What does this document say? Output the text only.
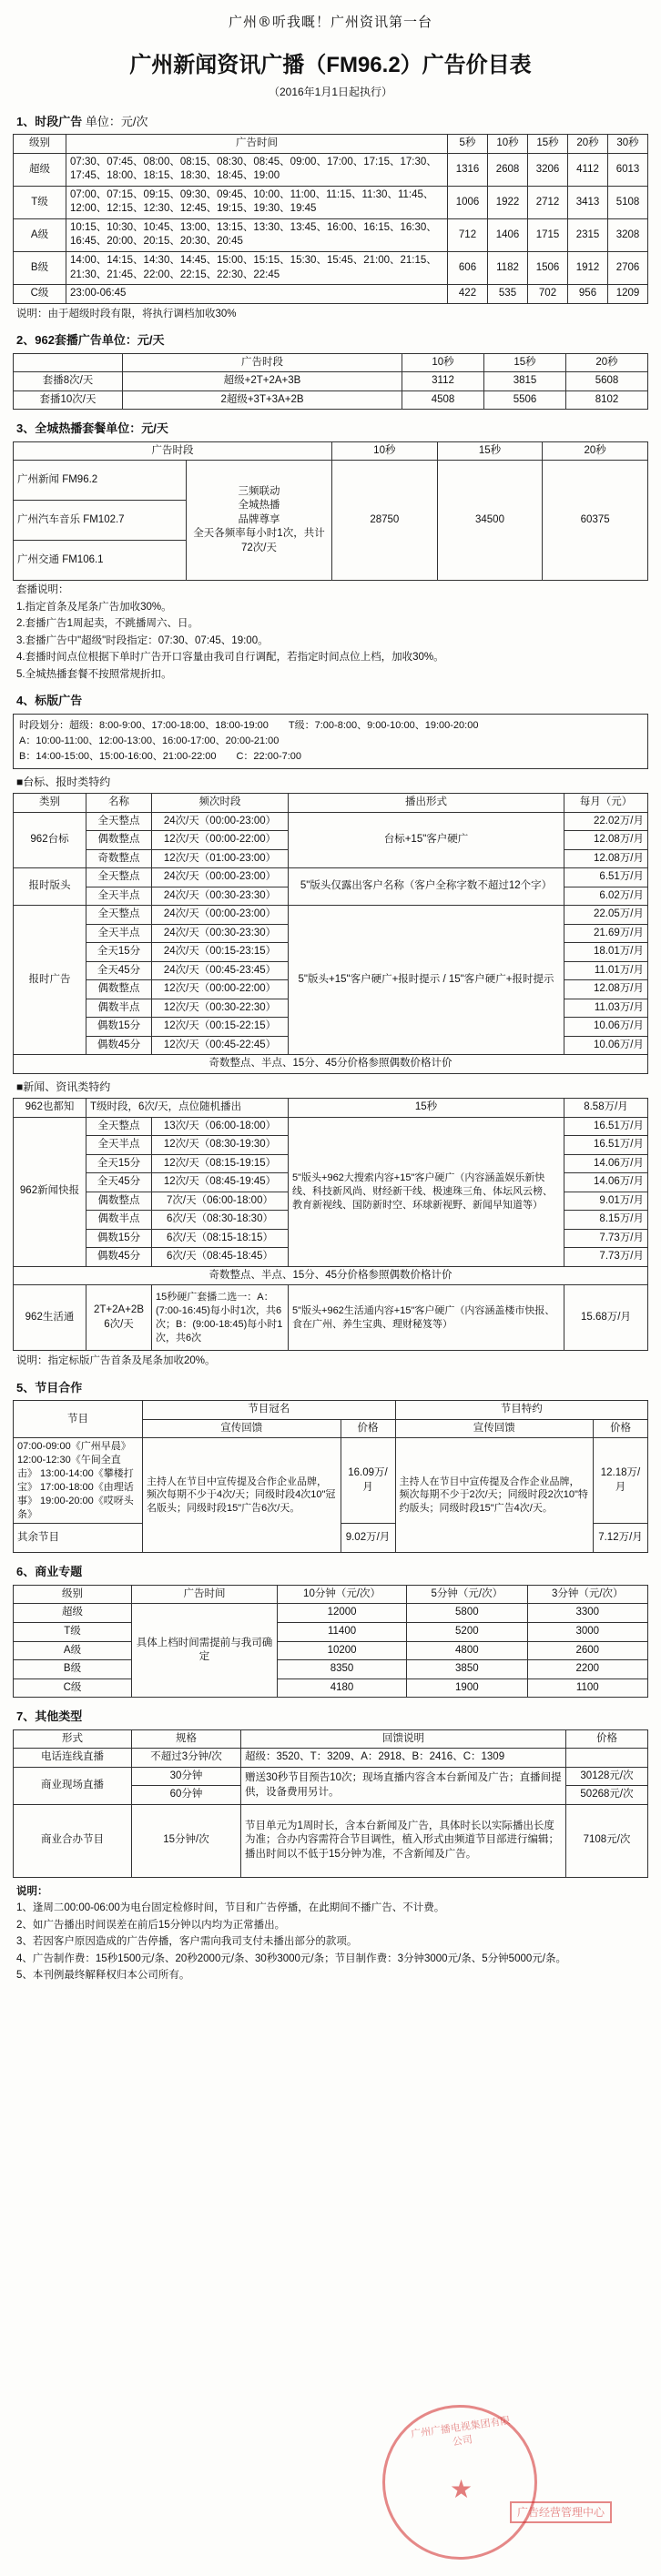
广州®听我嘅！广州资讯第一台
广州新闻资讯广播（FM96.2）广告价目表
（2016年1月1日起执行）
1、时段广告 单位：元/次
级别	广告时间	5秒	10秒	15秒	20秒	30秒
超级	07:30、07:45、08:00、08:15、08:30、08:45、09:00、17:00、17:15、17:30、17:45、18:00、18:15、18:30、18:45、19:00	1316	2608	3206	4112	6013
T级	07:00、07:15、09:15、09:30、09:45、10:00、11:00、11:15、11:30、11:45、12:00、12:15、12:30、12:45、19:15、19:30、19:45	1006	1922	2712	3413	5108
A级	10:15、10:30、10:45、13:00、13:15、13:30、13:45、16:00、16:15、16:30、16:45、20:00、20:15、20:30、20:45	712	1406	1715	2315	3208
B级	14:00、14:15、14:30、14:45、15:00、15:15、15:30、15:45、21:00、21:15、21:30、21:45、22:00、22:15、22:30、22:45	606	1182	1506	1912	2706
C级	23:00-06:45	422	535	702	956	1209
说明：由于超级时段有限，将执行调档加收30%
2、962套播广告单位：元/天
	广告时段	10秒	15秒	20秒
套播8次/天	超级+2T+2A+3B	3112	3815	5608
套播10次/天	2超级+3T+3A+2B	4508	5506	8102
3、全城热播套餐单位：元/天
广告时段		10秒	15秒	20秒
广州新闻 FM96.2	三频联动
全城热播
品牌尊享
全天各频率每小时1次，共计72次/天	28750	34500	60375
广州汽车音乐 FM102.7				
广州交通 FM106.1				

套播说明：

1.指定首条及尾条广告加收30%。

2.套播广告1周起卖，不跳播周六、日。

3.套播广告中"超级"时段指定：07:30、07:45、19:00。

4.套播时间点位根据下单时广告开口容量由我司自行调配，若指定时间点位上档，加收30%。

5.全城热播套餐不按照常规折扣。

4、标版广告
时段划分：超级：8:00-9:00、17:00-18:00、18:00-19:00　　T级：7:00-8:00、9:00-10:00、19:00-20:00
A：10:00-11:00、12:00-13:00、16:00-17:00、20:00-21:00
B：14:00-15:00、15:00-16:00、21:00-22:00　　C：22:00-7:00
■台标、报时类特约
类别	名称	频次时段	播出形式	每月（元）
962台标	全天整点	24次/天（00:00-23:00）	台标+15"客户硬广	22.02万/月
	偶数整点	12次/天（00:00-22:00）		12.08万/月
	奇数整点	12次/天（01:00-23:00）		12.08万/月
报时版头	全天整点	24次/天（00:00-23:00）	5"版头仅露出客户名称（客户全称字数不超过12个字）	6.51万/月
	全天半点	24次/天（00:30-23:30）		6.02万/月
报时广告	全天整点	24次/天（00:00-23:00）	5"版头+15"客户硬广+报时提示 / 15"客户硬广+报时提示	22.05万/月
	全天半点	24次/天（00:30-23:30）		21.69万/月
	全天15分	24次/天（00:15-23:15）		18.01万/月
	全天45分	24次/天（00:45-23:45）		11.01万/月
	偶数整点	12次/天（00:00-22:00）		12.08万/月
	偶数半点	12次/天（00:30-22:30）		11.03万/月
	偶数15分	12次/天（00:15-22:15）		10.06万/月
	偶数45分	12次/天（00:45-22:45）		10.06万/月
奇数整点、半点、15分、45分价格参照偶数价格计价				
■新闻、资讯类特约
962也都知	T级时段，6次/天，点位随机播出		15秒	8.58万/月
962新闻快报	全天整点	13次/天（06:00-18:00）	5"版头+962大搜索内容+15"客户硬广（内容涵盖娱乐新快线、科技新风尚、财经新干线、极速珠三角、体坛风云榜、教育新视线、国防新时空、环球新视野、新闻早知道等）	16.51万/月
	全天半点	12次/天（08:30-19:30）		16.51万/月
	全天15分	12次/天（08:15-19:15）		14.06万/月
	全天45分	12次/天（08:45-19:45）		14.06万/月
	偶数整点	7次/天（06:00-18:00）		9.01万/月
	偶数半点	6次/天（08:30-18:30）		8.15万/月
	偶数15分	6次/天（08:15-18:15）		7.73万/月
	偶数45分	6次/天（08:45-18:45）		7.73万/月
奇数整点、半点、15分、45分价格参照偶数价格计价				
962生活通	2T+2A+2B 6次/天	15秒硬广套播二选一：A：(7:00-16:45)每小时1次，共6次；B：(9:00-18:45)每小时1次，共6次	5"版头+962生活通内容+15"客户硬广（内容涵盖楼市快报、食在广州、养生宝典、理财秘笈等）	15.68万/月
说明：指定标版广告首条及尾条加收20%。
5、节目合作
节目	节目冠名		节目特约	
	宣传回馈	价格	宣传回馈	价格
07:00-09:00《广州早晨》 12:00-12:30《午间全直击》 13:00-14:00《攀楼打宝》 17:00-18:00《由理话事》 19:00-20:00《哎呀头条》	主持人在节目中宣传提及合作企业品牌，频次每期不少于4次/天；同级时段4次10"冠名版头；同级时段15"广告6次/天。	16.09万/月	主持人在节目中宣传提及合作企业品牌，频次每期不少于2次/天；同级时段2次10"特约版头；同级时段15"广告4次/天。	12.18万/月
其余节目		9.02万/月		7.12万/月
6、商业专题
级别	广告时间	10分钟（元/次）	5分钟（元/次）	3分钟（元/次）
超级	具体上档时间需提前与我司确定	12000	5800	3300
T级		11400	5200	3000
A级		10200	4800	2600
B级		8350	3850	2200
C级		4180	1900	1100
7、其他类型
形式	规格	回馈说明	价格
电话连线直播	不超过3分钟/次	超级：3520、T：3209、A：2918、B：2416、C：1309	
商业现场直播	30分钟	赠送30秒节目预告10次；现场直播内容含本台新闻及广告；直播间提供，设备费用另计。	30128元/次
	60分钟		50268元/次
商业合办节目	15分钟/次	节目单元为1周时长，含本台新闻及广告，具体时长以实际播出长度为准；合办内容需符合节目调性，植入形式由频道节目部进行编辑；播出时间以不低于15分钟为准，不含新闻及广告。	7108元/次

说明：

1、逢周二00:00-06:00为电台固定检修时间，节目和广告停播，在此期间不播广告、不计费。

2、如广告播出时间误差在前后15分钟以内均为正常播出。

3、若因客户原因造成的广告停播，客户需向我司支付未播出部分的款项。

4、广告制作费：15秒1500元/条、20秒2000元/条、30秒3000元/条；节目制作费：3分钟3000元/条、5分钟5000元/条。

5、本刊例最终解释权归本公司所有。

★
广州广播电视集团有限公司
广告经营管理中心
